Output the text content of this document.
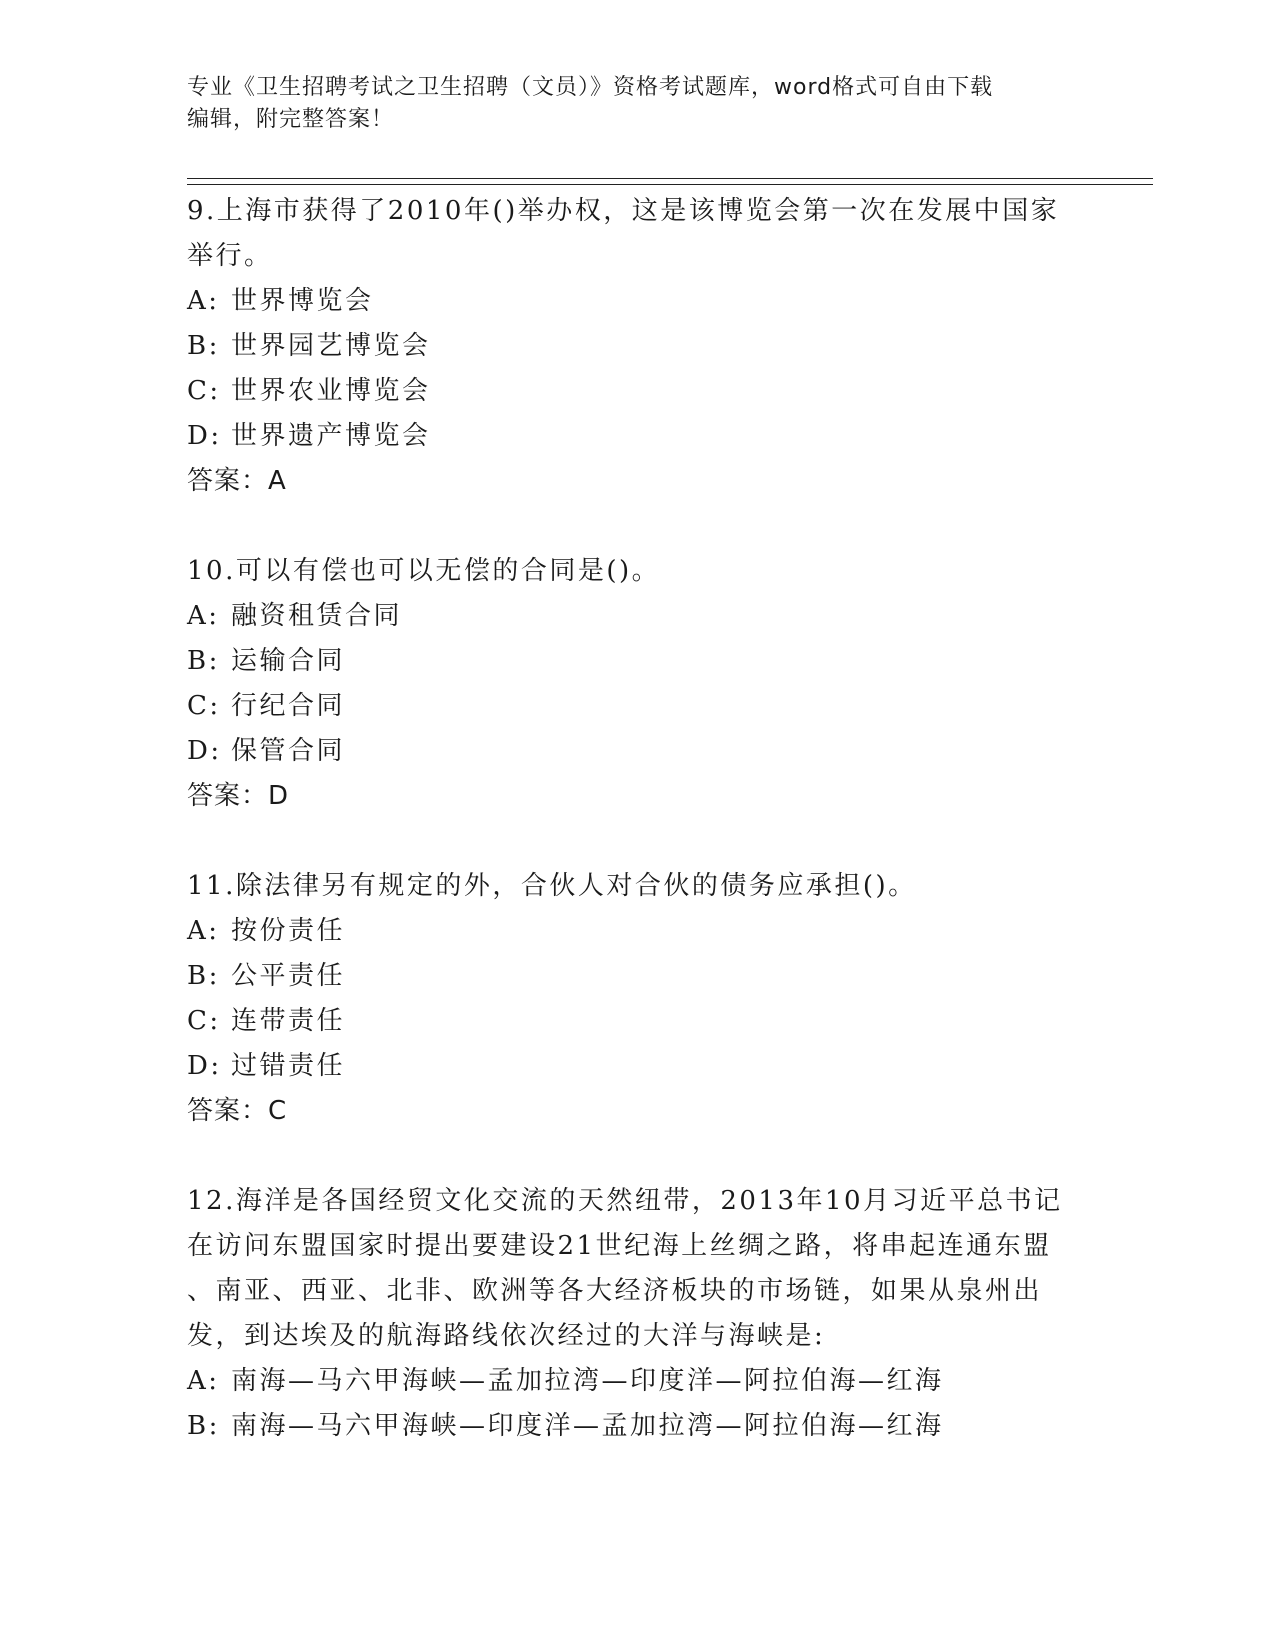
专业《卫生招聘考试之卫生招聘（文员）》资格考试题库，word格式可自由下载
编辑，附完整答案！

9.上海市获得了2010年()举办权，这是该博览会第一次在发展中国家

举行。

A: 世界博览会

B: 世界园艺博览会

C: 世界农业博览会

D: 世界遗产博览会

答案：A

10.可以有偿也可以无偿的合同是()。

A: 融资租赁合同

B: 运输合同

C: 行纪合同

D: 保管合同

答案：D

11.除法律另有规定的外，合伙人对合伙的债务应承担()。

A: 按份责任

B: 公平责任

C: 连带责任

D: 过错责任

答案：C

12.海洋是各国经贸文化交流的天然纽带，2013年10月习近平总书记

在访问东盟国家时提出要建设21世纪海上丝绸之路，将串起连通东盟

、南亚、西亚、北非、欧洲等各大经济板块的市场链，如果从泉州出

发，到达埃及的航海路线依次经过的大洋与海峡是:

A: 南海—马六甲海峡—孟加拉湾—印度洋—阿拉伯海—红海

B: 南海—马六甲海峡—印度洋—孟加拉湾—阿拉伯海—红海
